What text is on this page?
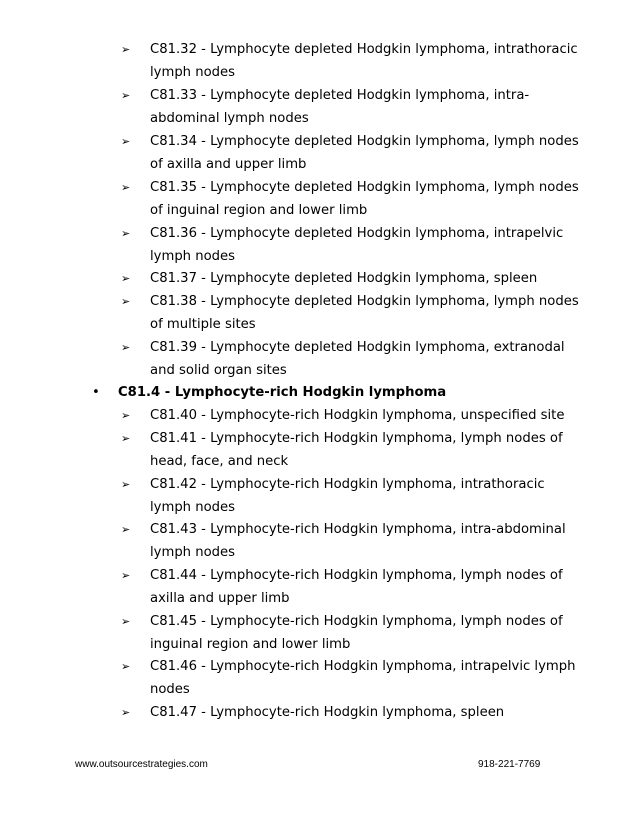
➢	C81.32 - Lymphocyte depleted Hodgkin lymphoma, intrathoracic lymph nodes
➢	C81.33 - Lymphocyte depleted Hodgkin lymphoma, intra-abdominal lymph nodes
➢	C81.34 - Lymphocyte depleted Hodgkin lymphoma, lymph nodes of axilla and upper limb
➢	C81.35 - Lymphocyte depleted Hodgkin lymphoma, lymph nodes of inguinal region and lower limb
➢	C81.36 - Lymphocyte depleted Hodgkin lymphoma, intrapelvic lymph nodes
➢	C81.37 - Lymphocyte depleted Hodgkin lymphoma, spleen
➢	C81.38 - Lymphocyte depleted Hodgkin lymphoma, lymph nodes of multiple sites
➢	C81.39 - Lymphocyte depleted Hodgkin lymphoma, extranodal and solid organ sites
•	C81.4 - Lymphocyte-rich Hodgkin lymphoma
➢	C81.40 - Lymphocyte-rich Hodgkin lymphoma, unspecified site
➢	C81.41 - Lymphocyte-rich Hodgkin lymphoma, lymph nodes of head, face, and neck
➢	C81.42 - Lymphocyte-rich Hodgkin lymphoma, intrathoracic lymph nodes
➢	C81.43 - Lymphocyte-rich Hodgkin lymphoma, intra-abdominal lymph nodes
➢	C81.44 - Lymphocyte-rich Hodgkin lymphoma, lymph nodes of axilla and upper limb
➢	C81.45 - Lymphocyte-rich Hodgkin lymphoma, lymph nodes of inguinal region and lower limb
➢	C81.46 - Lymphocyte-rich Hodgkin lymphoma, intrapelvic lymph nodes
➢	C81.47 - Lymphocyte-rich Hodgkin lymphoma, spleen
www.outsourcestrategies.com	918-221-7769
